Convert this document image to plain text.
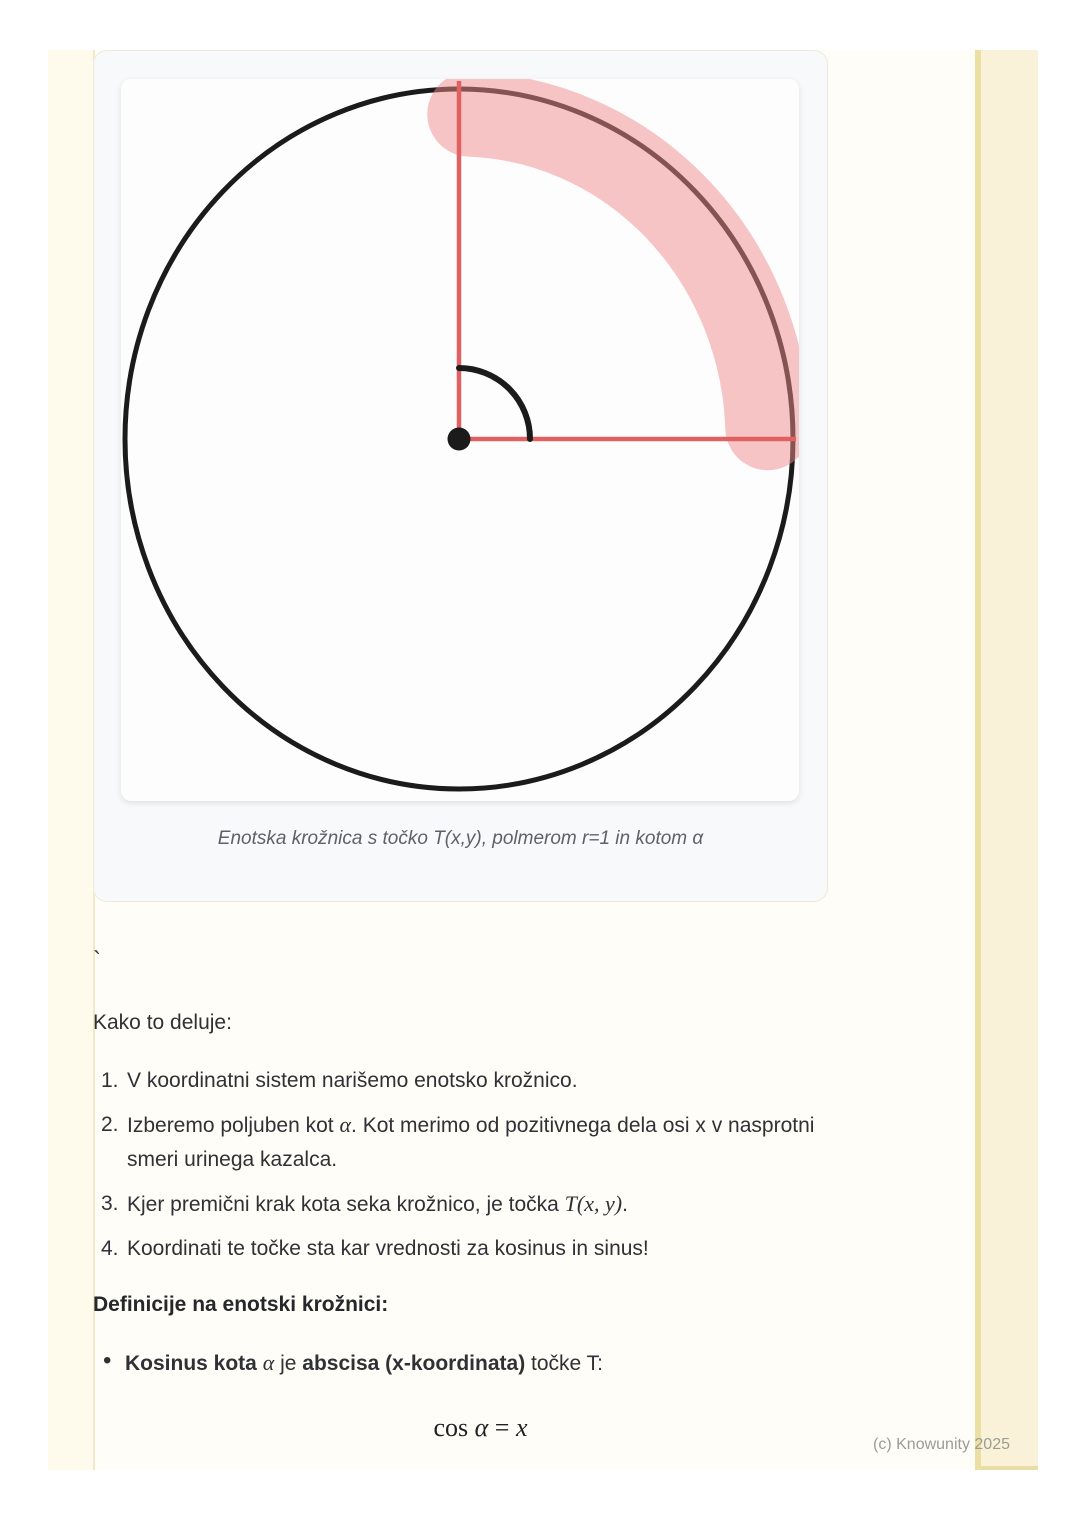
Enotska krožnica s točko T(x,y), polmerom r=1 in kotom α
`

Kako to deluje:

1. V koordinatni sistem narišemo enotsko krožnico.
2. Izberemo poljuben kot α. Kot merimo od pozitivnega dela osi x v nasprotni smeri urinega kazalca.
3. Kjer premični krak kota seka krožnico, je točka T(x, y).
4. Koordinati te točke sta kar vrednosti za kosinus in sinus!

Definicije na enotski krožnici:

• Kosinus kota α je abscisa (x-koordinata) točke T:
cos α = x
(c) Knowunity 2025
